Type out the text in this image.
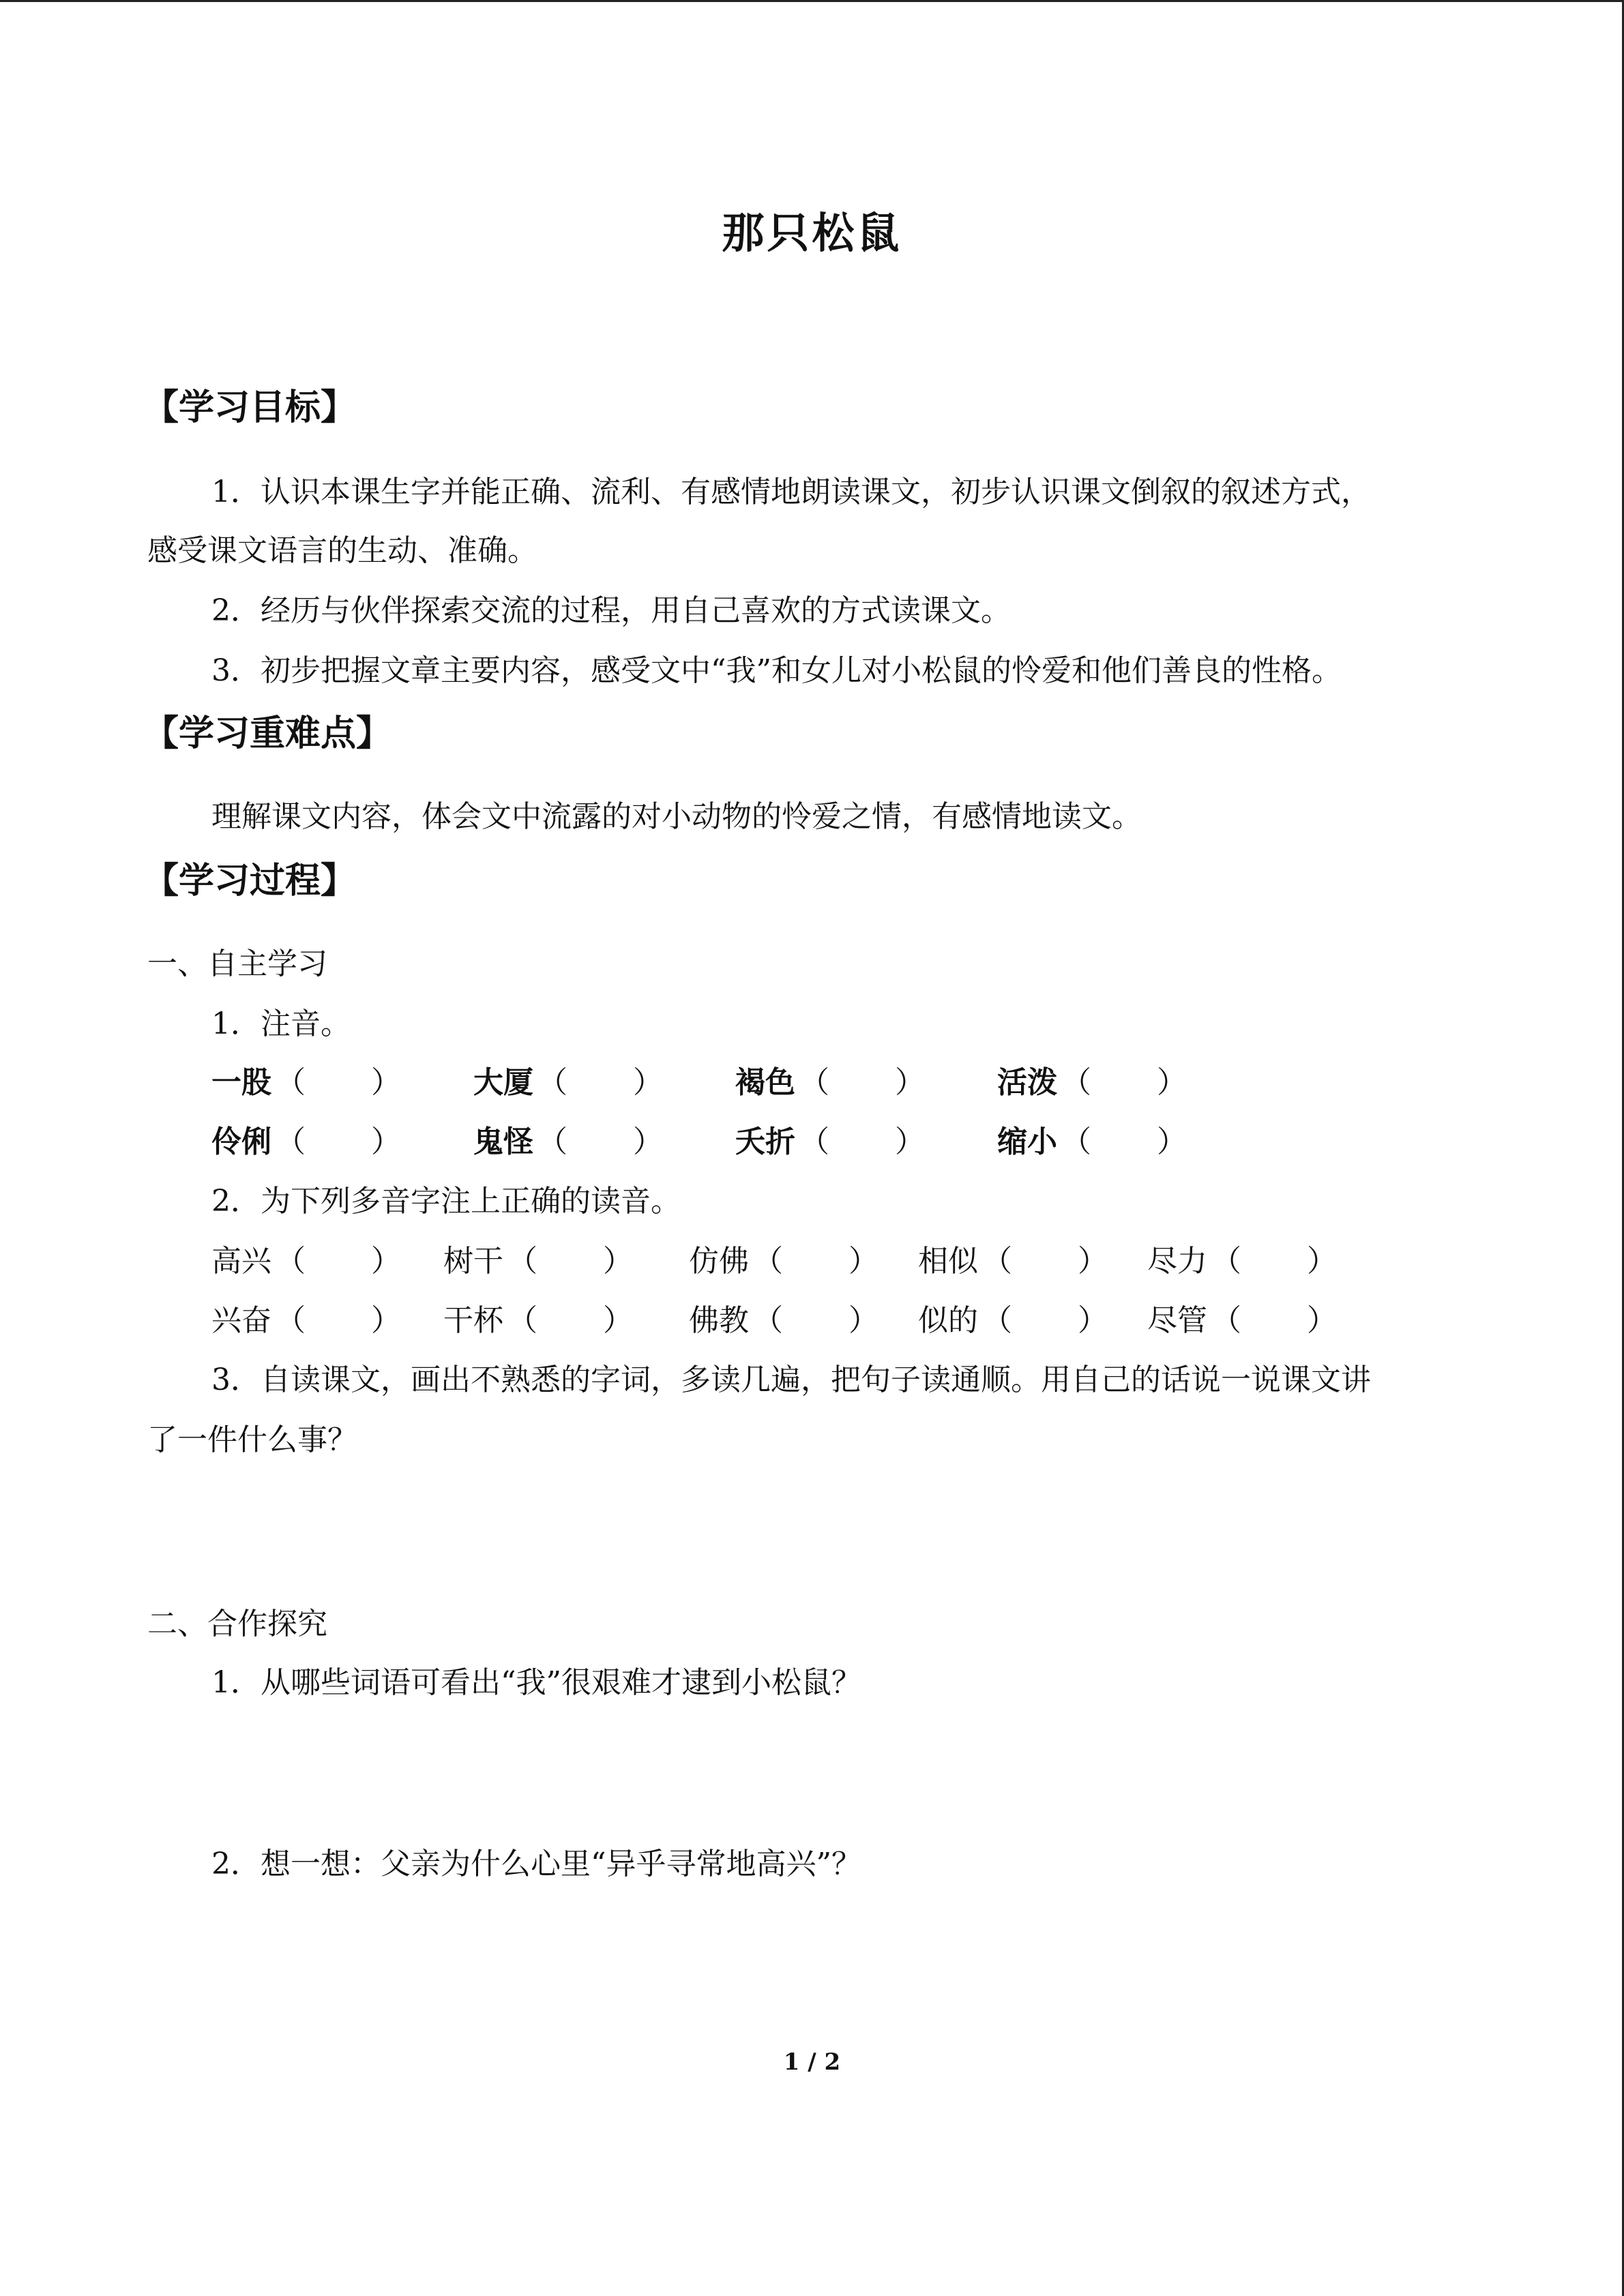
那只松鼠
【学习目标】
1．认识本课生字并能正确、流利、有感情地朗读课文，初步认识课文倒叙的叙述方式，
感受课文语言的生动、准确。
2．经历与伙伴探索交流的过程，用自己喜欢的方式读课文。
3．初步把握文章主要内容，感受文中“我”和女儿对小松鼠的怜爱和他们善良的性格。
【学习重难点】
理解课文内容，体会文中流露的对小动物的怜爱之情，有感情地读文。
【学习过程】
一、自主学习
1．注音。
一股 （ ） 大厦 （ ） 褐色 （ ） 活泼 （ ）
伶俐 （ ） 鬼怪 （ ） 夭折 （ ） 缩小 （ ）
2．为下列多音字注上正确的读音。
高兴 （ ） 树干 （ ） 仿佛 （ ） 相似 （ ） 尽力 （ ）
兴奋 （ ） 干杯 （ ） 佛教 （ ） 似的 （ ） 尽管 （ ）
3．自读课文，画出不熟悉的字词，多读几遍，把句子读通顺。用自己的话说一说课文讲
了一件什么事？
二、合作探究
1．从哪些词语可看出“我”很艰难才逮到小松鼠？
2．想一想：父亲为什么心里“异乎寻常地高兴”？
1 / 2
